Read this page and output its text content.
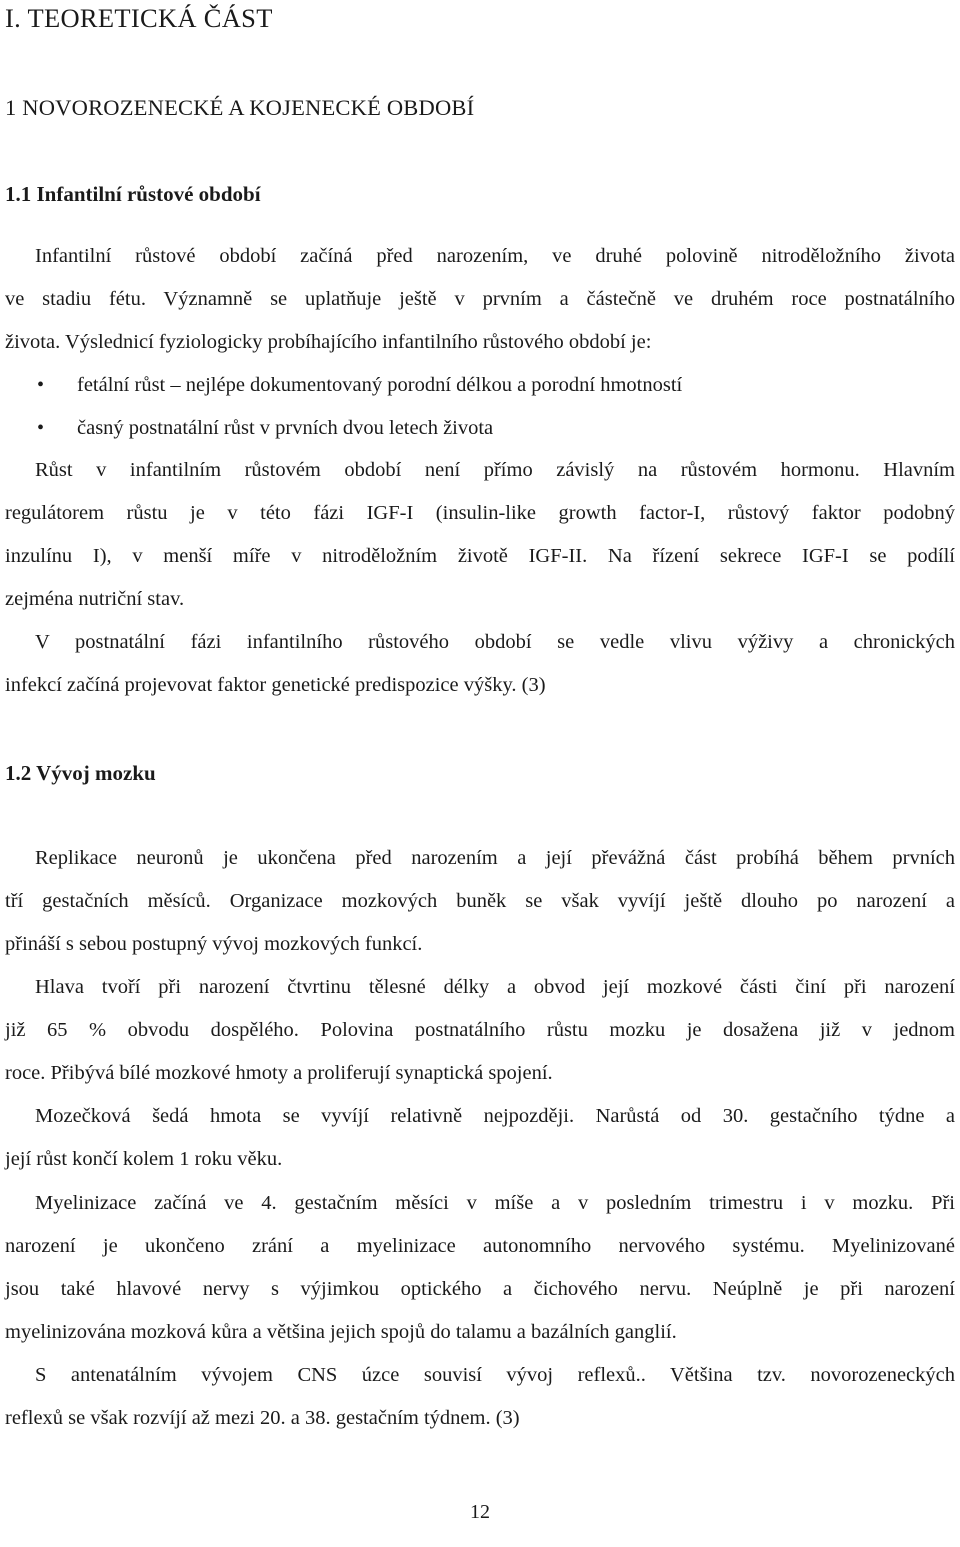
I. TEORETICKÁ ČÁST
1 NOVOROZENECKÉ A KOJENECKÉ OBDOBÍ
1.1 Infantilní růstové období

Infantilní růstové období začíná před narozením, ve druhé polovině nitroděložního života

ve stadiu fétu. Významně se uplatňuje ještě v prvním a částečně ve druhém roce postnatálního

života. Výslednicí fyziologicky probíhajícího infantilního růstového období je:

• fetální růst – nejlépe dokumentovaný porodní délkou a porodní hmotností

• časný postnatální růst v prvních dvou letech života

Růst v infantilním růstovém období není přímo závislý na růstovém hormonu. Hlavním

regulátorem růstu je v této fázi IGF-I (insulin-like growth factor-I, růstový faktor podobný

inzulínu I), v menší míře v nitroděložním životě IGF-II. Na řízení sekrece IGF-I se podílí

zejména nutriční stav.

V postnatální fázi infantilního růstového období se vedle vlivu výživy a chronických

infekcí začíná projevovat faktor genetické predispozice výšky. (3)

1.2 Vývoj mozku

Replikace neuronů je ukončena před narozením a její převážná část probíhá během prvních

tří gestačních měsíců. Organizace mozkových buněk se však vyvíjí ještě dlouho po narození a

přináší s sebou postupný vývoj mozkových funkcí.

Hlava tvoří při narození čtvrtinu tělesné délky a obvod její mozkové části činí při narození

již 65 % obvodu dospělého. Polovina postnatálního růstu mozku je dosažena již v jednom

roce. Přibývá bílé mozkové hmoty a proliferují synaptická spojení.

Mozečková šedá hmota se vyvíjí relativně nejpozději. Narůstá od 30. gestačního týdne a

její růst končí kolem 1 roku věku.

Myelinizace začíná ve 4. gestačním měsíci v míše a v posledním trimestru i v mozku. Při

narození je ukončeno zrání a myelinizace autonomního nervového systému. Myelinizované

jsou také hlavové nervy s výjimkou optického a čichového nervu. Neúplně je při narození

myelinizována mozková kůra a většina jejich spojů do talamu a bazálních ganglií.

S antenatálním vývojem CNS úzce souvisí vývoj reflexů.. Většina tzv. novorozeneckých

reflexů se však rozvíjí až mezi 20. a 38. gestačním týdnem. (3)

12
